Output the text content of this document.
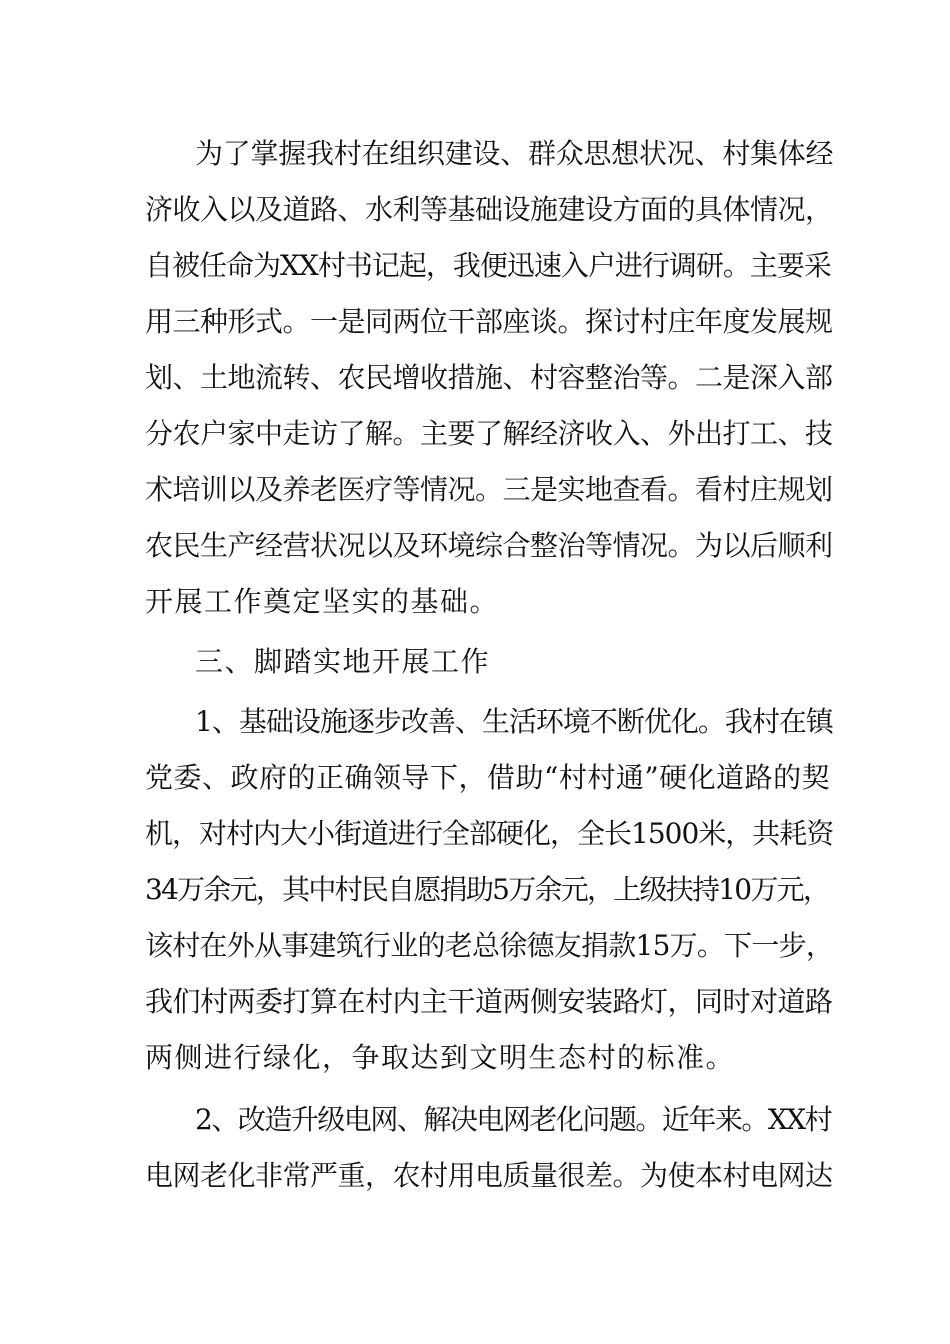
为了掌握我村在组织建设、群众思想状况、村集体经
济收入以及道路、水利等基础设施建设方面的具体情况，
自被任命为XX村书记起，我便迅速入户进行调研。主要采
用三种形式。一是同两位干部座谈。探讨村庄年度发展规
划、土地流转、农民增收措施、村容整治等。二是深入部
分农户家中走访了解。主要了解经济收入、外出打工、技
术培训以及养老医疗等情况。三是实地查看。看村庄规划
农民生产经营状况以及环境综合整治等情况。为以后顺利
开展工作奠定坚实的基础。
三、脚踏实地开展工作
1、基础设施逐步改善、生活环境不断优化。我村在镇
党委、政府的正确领导下，借助“村村通”硬化道路的契
机，对村内大小街道进行全部硬化，全长1500米，共耗资
34万余元，其中村民自愿捐助5万余元，上级扶持10万元，
该村在外从事建筑行业的老总徐德友捐款15万。下一步，
我们村两委打算在村内主干道两侧安装路灯，同时对道路
两侧进行绿化，争取达到文明生态村的标准。
2、改造升级电网、解决电网老化问题。近年来。XX村
电网老化非常严重，农村用电质量很差。为使本村电网达
